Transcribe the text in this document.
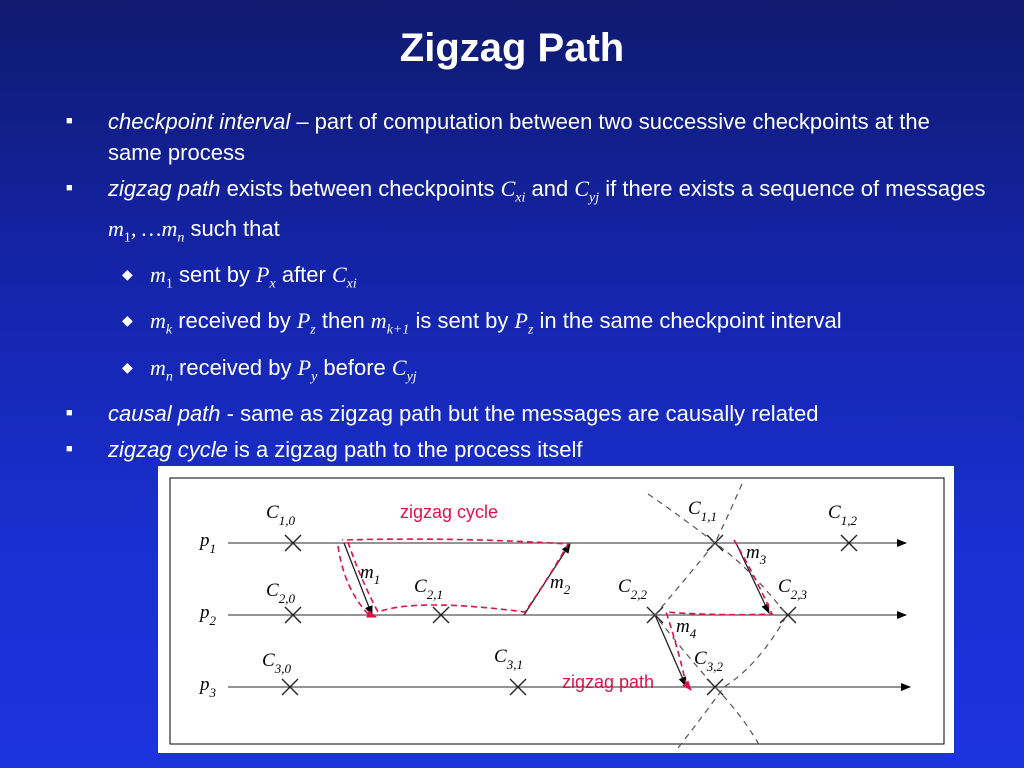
Zigzag Path
■ checkpoint interval – part of computation between two successive checkpoints at the same process
■ zigzag path exists between checkpoints $C_{xi}$ and $C_{yj}$ if there exists a sequence of messages $m_1$, $\dots m_n$ such that
◆ $m_1$ sent by $P_x$ after $C_{xi}$
◆ $m_k$ received by $P_z$ then $m_{k+1}$ is sent by $P_z$ in the same checkpoint interval
◆ $m_n$ received by $P_y$ before $C_{yj}$
■ causal path - same as zigzag path but the messages are causally related
■ zigzag cycle is a zigzag path to the process itself
$p_1$
$p_2$
$p_3$
$C_{1,0}$
$C_{1,1}$	$C_{1,2}$
$C_{2,0}$
$C_{2,1}$	$C_{2,2}$	$C_{2,3}$
$C_{3,0}$
$C_{3,1}$	$C_{3,2}$
$m_1$	$m_2$
$m_3$
$m_4$
zigzag cycle
zigzag path
